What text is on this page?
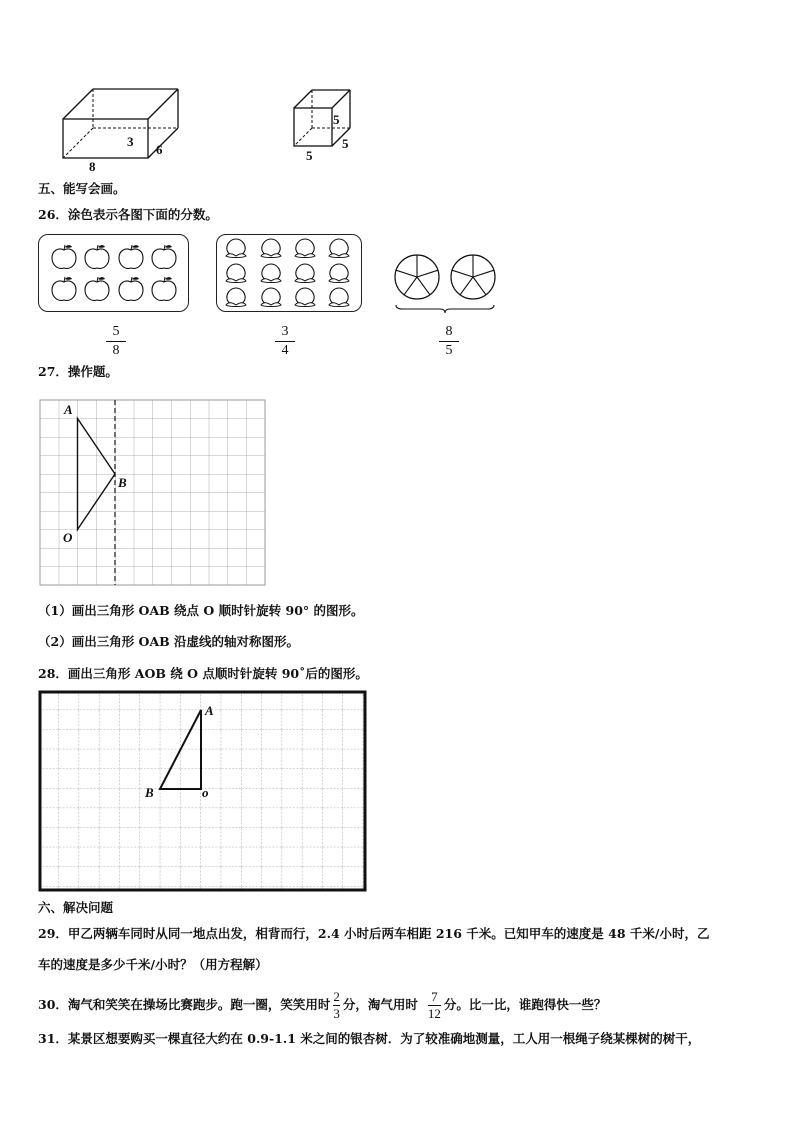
8
3
6	5
5
5
五、能写会画。
26．涂色表示各图下面的分数。
5
8
3
4
8
5
27．操作题。
A
B
O
（1）画出三角形 OAB 绕点 O 顺时针旋转 90° 的图形。
（2）画出三角形 OAB 沿虚线的轴对称图形。
28．画出三角形 AOB 绕 O 点顺时针旋转 90˚后的图形。
A
B	o
六、解决问题
29．甲乙两辆车同时从同一地点出发，相背而行，2.4 小时后两车相距 216 千米。已知甲车的速度是 48 千米/小时，乙
车的速度是多少千米/小时？（用方程解）
30．淘气和笑笑在操场比赛跑步。跑一圈，笑笑用时
2
3
分，淘气用时
7
12
分。比一比，谁跑得快一些？
31．某景区想要购买一棵直径大约在 0.9-1.1 米之间的银杏树．为了较准确地测量，工人用一根绳子绕某棵树的树干，
